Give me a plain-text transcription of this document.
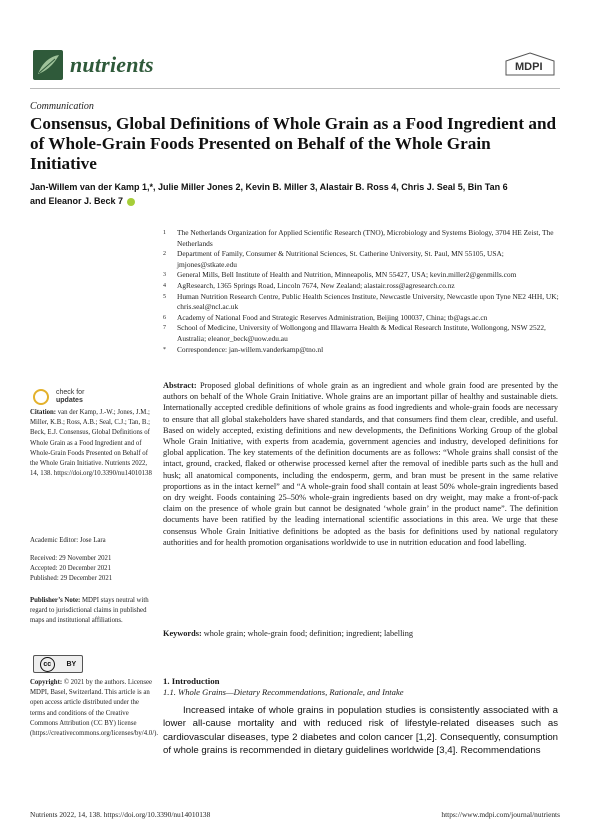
nutrients	MDPI
Communication
Consensus, Global Definitions of Whole Grain as a Food Ingredient and of Whole-Grain Foods Presented on Behalf of the Whole Grain Initiative
Jan-Willem van der Kamp 1,*, Julie Miller Jones 2, Kevin B. Miller 3, Alastair B. Ross 4, Chris J. Seal 5, Bin Tan 6
and Eleanor J. Beck 7
1	The Netherlands Organization for Applied Scientific Research (TNO), Microbiology and Systems Biology, 3704 HE Zeist, The Netherlands
2	Department of Family, Consumer & Nutritional Sciences, St. Catherine University, St. Paul, MN 55105, USA; jmjones@stkate.edu
3	General Mills, Bell Institute of Health and Nutrition, Minneapolis, MN 55427, USA; kevin.miller2@genmills.com
4	AgResearch, 1365 Springs Road, Lincoln 7674, New Zealand; alastair.ross@agresearch.co.nz
5	Human Nutrition Research Centre, Public Health Sciences Institute, Newcastle University, Newcastle upon Tyne NE2 4HH, UK; chris.seal@ncl.ac.uk
6	Academy of National Food and Strategic Reserves Administration, Beijing 100037, China; tb@ags.ac.cn
7	School of Medicine, University of Wollongong and Illawarra Health & Medical Research Institute, Wollongong, NSW 2522, Australia; eleanor_beck@uow.edu.au
*	Correspondence: jan-willem.vanderkamp@tno.nl
check for
updates
Citation: van der Kamp, J.-W.; Jones, J.M.; Miller, K.B.; Ross, A.B.; Seal, C.J.; Tan, B.; Beck, E.J. Consensus, Global Definitions of Whole Grain as a Food Ingredient and of Whole-Grain Foods Presented on Behalf of the Whole Grain Initiative. Nutrients 2022, 14, 138. https://doi.org/10.3390/nu14010138
Academic Editor: Jose Lara
Received: 29 November 2021
Accepted: 20 December 2021
Published: 29 December 2021
Publisher’s Note: MDPI stays neutral with regard to jurisdictional claims in published maps and institutional affiliations.
cc	BY
Copyright: © 2021 by the authors. Licensee MDPI, Basel, Switzerland. This article is an open access article distributed under the terms and conditions of the Creative Commons Attribution (CC BY) license (https://creativecommons.org/licenses/by/4.0/).
Abstract: Proposed global definitions of whole grain as an ingredient and whole grain food are presented by the authors on behalf of the Whole Grain Initiative. Whole grains are an important pillar of healthy and sustainable diets. Internationally accepted credible definitions of whole grains as food ingredients and whole-grain foods are necessary to ensure that all global stakeholders have shared standards, and that consumers find them clear, credible, and useful. Based on widely accepted, existing definitions and new developments, the Definitions Working Group of the global Whole Grain Initiative, with experts from academia, government agencies and industry, developed definitions for global application. The key statements of the definition documents are as follows: “Whole grains shall consist of the intact, ground, cracked, flaked or otherwise processed kernel after the removal of inedible parts such as the hull and husk; all anatomical components, including the endosperm, germ, and bran must be present in the same relative proportions as in the intact kernel” and “A whole-grain food shall contain at least 50% whole-grain ingredients based on dry weight. Foods containing 25–50% whole-grain ingredients based on dry weight, may make a front-of-pack claim on the presence of whole grain but cannot be designated ‘whole grain’ in the product name”. The definition documents have been ratified by the leading international scientific associations in this area. We urge that these consensus Whole Grain Initiative definitions be adopted as the basis for definitions used by national regulatory authorities and for health promotion organisations worldwide to use in nutrition education and food labelling.
Keywords: whole grain; whole-grain food; definition; ingredient; labelling
1. Introduction
1.1. Whole Grains—Dietary Recommendations, Rationale, and Intake
Increased intake of whole grains in population studies is consistently associated with a lower all-cause mortality and with reduced risk of lifestyle-related diseases such as cardiovascular diseases, type 2 diabetes and colon cancer [1,2]. Consequently, consumption of whole grains is recommended in dietary guidelines worldwide [3,4]. Recommendations
Nutrients 2022, 14, 138. https://doi.org/10.3390/nu14010138	https://www.mdpi.com/journal/nutrients
